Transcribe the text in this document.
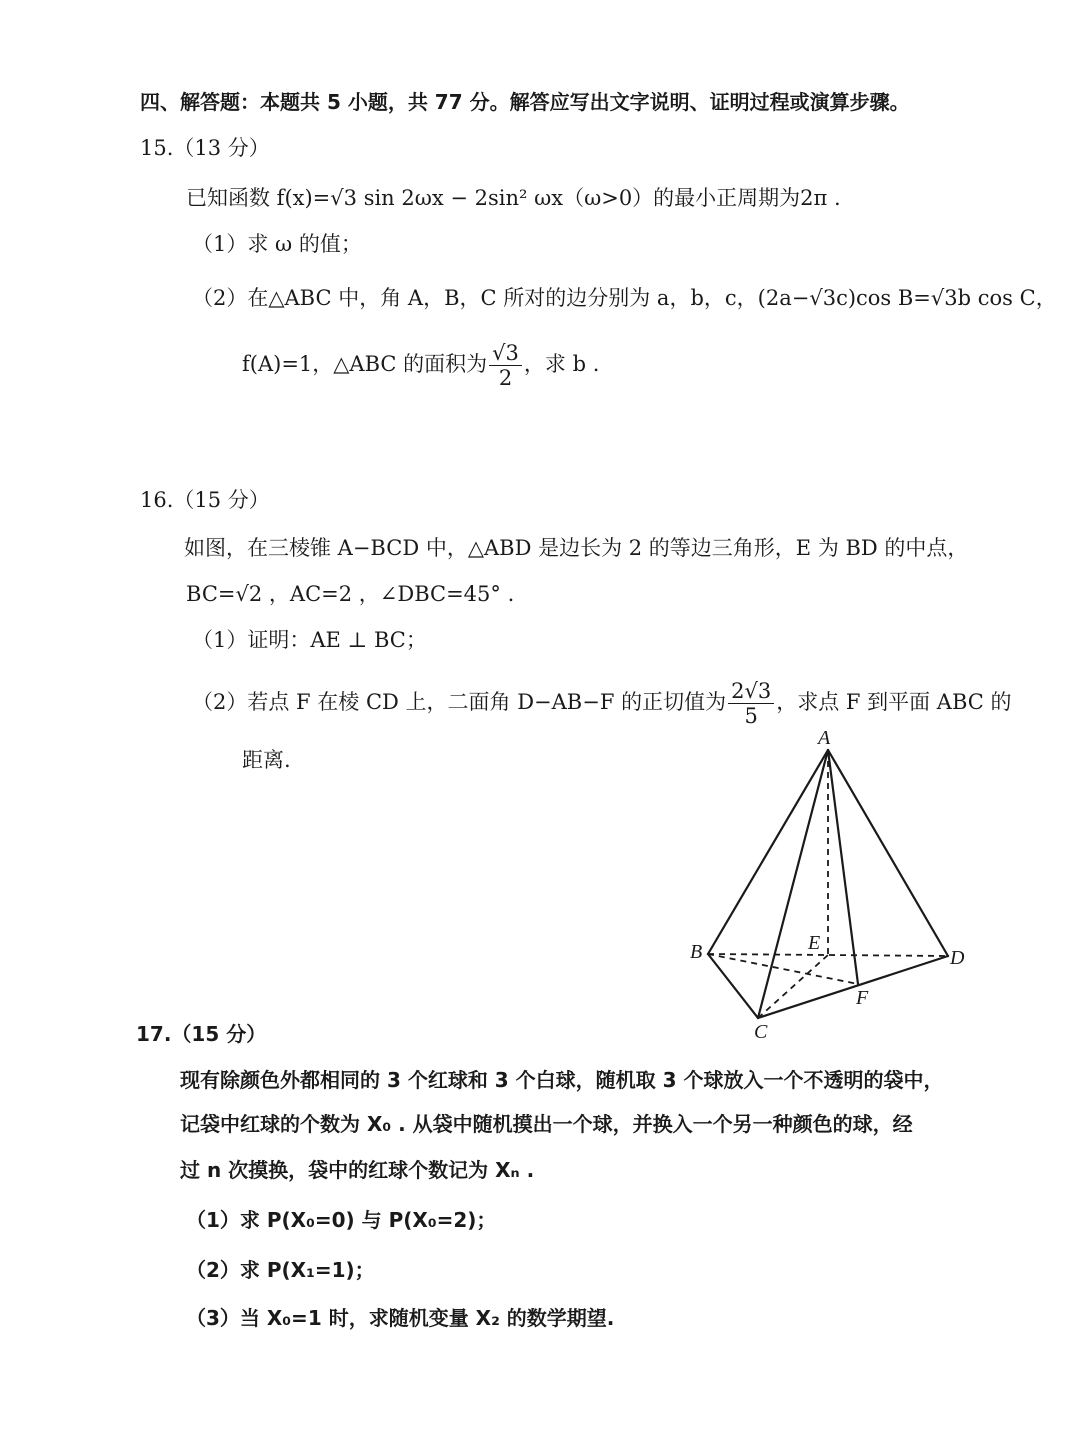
四、解答题：本题共 5 小题，共 77 分。解答应写出文字说明、证明过程或演算步骤。
15.（13 分）
已知函数 f(x)=√3 sin 2ωx − 2sin² ωx（ω>0）的最小正周期为2π .
（1）求 ω 的值；
（2）在△ABC 中，角 A，B，C 所对的边分别为 a，b，c，(2a−√3c)cos B=√3b cos C，
f(A)=1，△ABC 的面积为 $\frac{√3}{2}$ ，求 b .
16.（15 分）
如图，在三棱锥 A−BCD 中，△ABD 是边长为 2 的等边三角形，E 为 BD 的中点，
BC=√2 ，AC=2 ，∠DBC=45° .
（1）证明：AE ⊥ BC；
（2）若点 F 在棱 CD 上，二面角 D−AB−F 的正切值为 $\frac{2√3}{5}$ ，求点 F 到平面 ABC 的
距离.
A
B
C
D
E
F
17.（15 分）
现有除颜色外都相同的 3 个红球和 3 个白球，随机取 3 个球放入一个不透明的袋中，
记袋中红球的个数为 X₀ . 从袋中随机摸出一个球，并换入一个另一种颜色的球，经
过 n 次摸换，袋中的红球个数记为 Xₙ .
（1）求 P(X₀=0) 与 P(X₀=2)；
（2）求 P(X₁=1)；
（3）当 X₀=1 时，求随机变量 X₂ 的数学期望.
